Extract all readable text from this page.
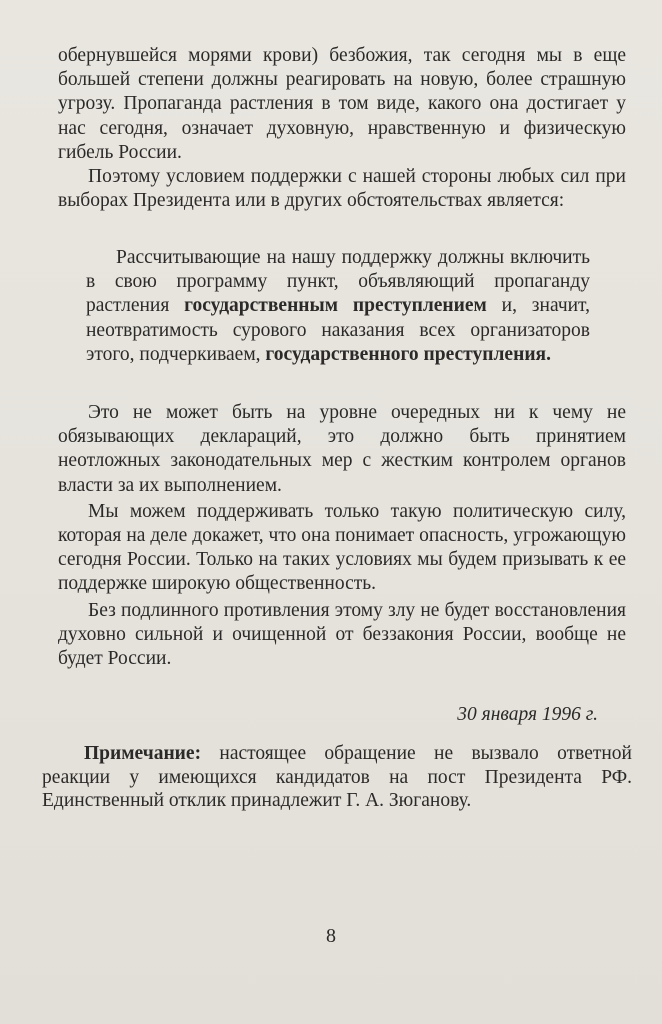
обернувшейся морями крови) безбожия, так сегодня мы в еще большей степени должны реагировать на новую, более страшную угрозу. Пропаганда растления в том виде, какого она достигает у нас сегодня, означает духовную, нравственную и физическую гибель России.

Поэтому условием поддержки с нашей стороны любых сил при выборах Президента или в других обстоятельствах является:

Рассчитывающие на нашу поддержку должны включить в свою программу пункт, объявляющий пропаганду растления государственным преступлением и, значит, неотвратимость сурового наказания всех организаторов этого, подчеркиваем, государственного преступления.

Это не может быть на уровне очередных ни к чему не обязывающих деклараций, это должно быть принятием неотложных законодательных мер с жестким контролем органов власти за их выполнением.

Мы можем поддерживать только такую политическую силу, которая на деле докажет, что она понимает опасность, угрожающую сегодня России. Только на таких условиях мы будем призывать к ее поддержке широкую общественность.

Без подлинного противления этому злу не будет восстановления духовно сильной и очищенной от беззакония России, вообще не будет России.

30 января 1996 г.

Примечание: настоящее обращение не вызвало ответной реакции у имеющихся кандидатов на пост Президента РФ. Единственный отклик принадлежит Г. А. Зюганову.

8
